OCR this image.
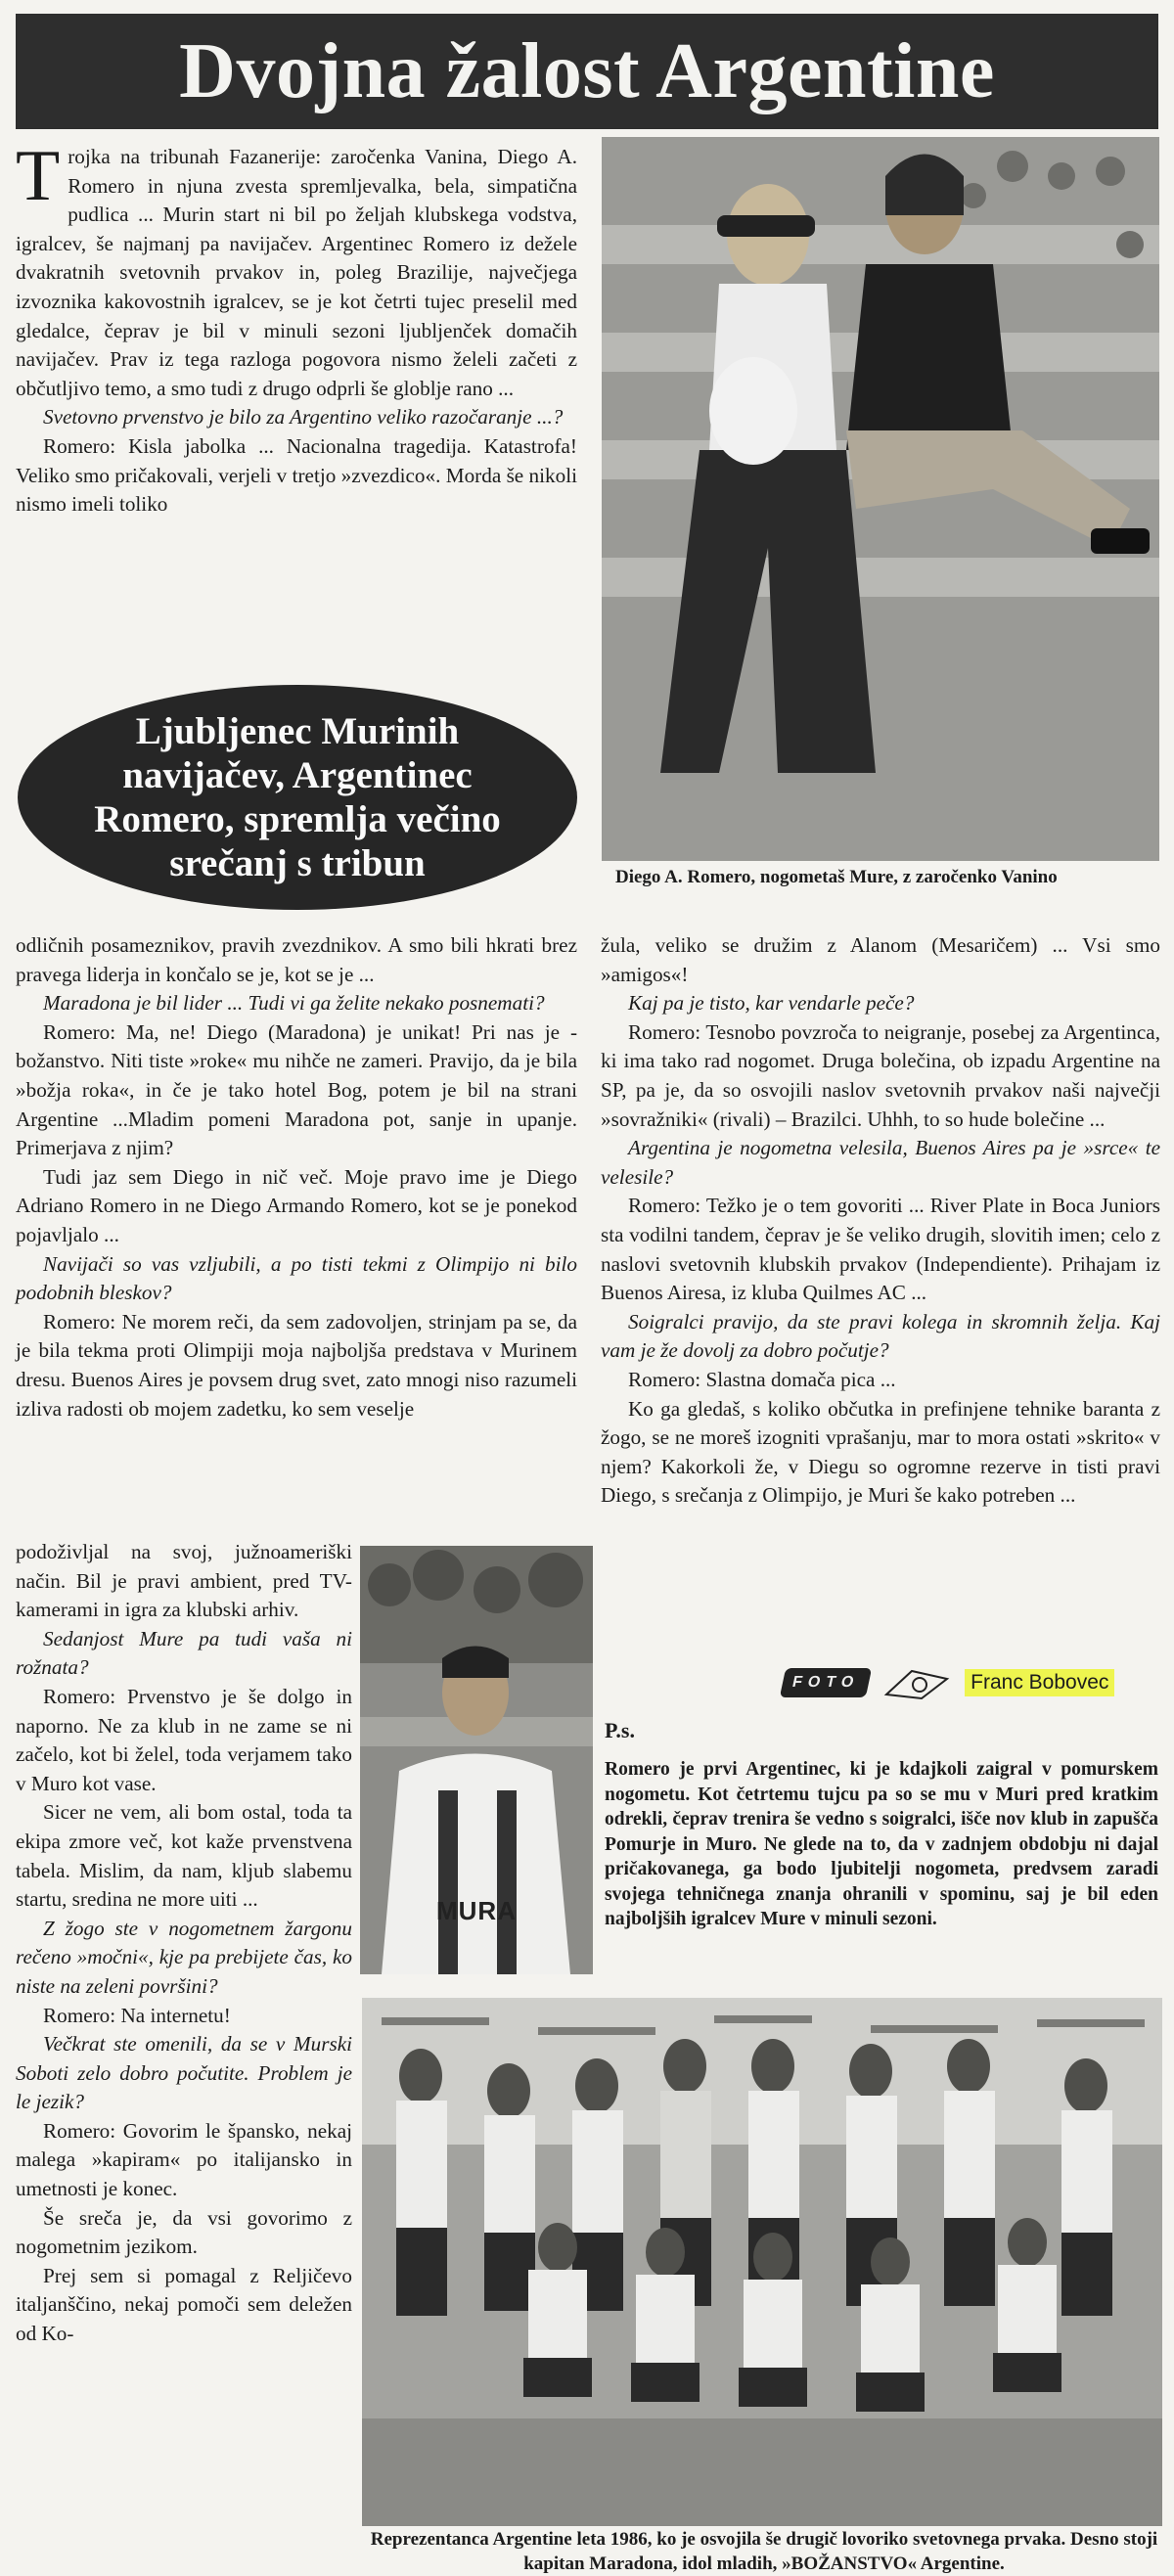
Dvojna žalost Argentine

Trojka na tribunah Fazanerije: zaročenka Vanina, Diego A. Romero in njuna zvesta spremljevalka, bela, simpatična pudlica ... Murin start ni bil po željah klubskega vodstva, igralcev, še najmanj pa navijačev. Argentinec Romero iz dežele dvakratnih svetovnih prvakov in, poleg Brazilije, največjega izvoznika kakovostnih igralcev, se je kot četrti tujec preselil med gledalce, čeprav je bil v minuli sezoni ljubljenček domačih navijačev. Prav iz tega razloga pogovora nismo želeli začeti z občutljivo temo, a smo tudi z drugo odprli še globlje rano ...

Svetovno prvenstvo je bilo za Argentino veliko razočaranje ...?

Romero: Kisla jabolka ... Nacionalna tragedija. Katastrofa! Veliko smo pričakovali, verjeli v tretjo »zvezdico«. Morda še nikoli nismo imeli toliko

Ljubljenec Murinih navijačev, Argentinec Romero, spremlja večino srečanj s tribun	Diego A. Romero, nogometaš Mure, z zaročenko Vanino

odličnih posameznikov, pravih zvezdnikov. A smo bili hkrati brez pravega liderja in končalo se je, kot se je ...

Maradona je bil lider ... Tudi vi ga želite nekako posnemati?

Romero: Ma, ne! Diego (Maradona) je unikat! Pri nas je - božanstvo. Niti tiste »roke« mu nihče ne zameri. Pravijo, da je bila »božja roka«, in če je tako hotel Bog, potem je bil na strani Argentine ...Mladim pomeni Maradona pot, sanje in upanje. Primerjava z njim?

Tudi jaz sem Diego in nič več. Moje pravo ime je Diego Adriano Romero in ne Diego Armando Romero, kot se je ponekod pojavljalo ...

Navijači so vas vzljubili, a po tisti tekmi z Olimpijo ni bilo podobnih bleskov?

Romero: Ne morem reči, da sem zadovoljen, strinjam pa se, da je bila tekma proti Olimpiji moja najboljša predstava v Murinem dresu. Buenos Aires je povsem drug svet, zato mnogi niso razumeli izliva radosti ob mojem zadetku, ko sem veselje

podoživljal na svoj, južnoameriški način. Bil je pravi ambient, pred TV-kamerami in igra za klubski arhiv.

Sedanjost Mure pa tudi vaša ni rožnata?

Romero: Prvenstvo je še dolgo in naporno. Ne za klub in ne zame se ni začelo, kot bi želel, toda verjamem tako v Muro kot vase.

Sicer ne vem, ali bom ostal, toda ta ekipa zmore več, kot kaže prvenstvena tabela. Mislim, da nam, kljub slabemu startu, sredina ne more uiti ...

Z žogo ste v nogometnem žargonu rečeno »močni«, kje pa prebijete čas, ko niste na zeleni površini?

Romero: Na internetu!

Večkrat ste omenili, da se v Murski Soboti zelo dobro počutite. Problem je le jezik?

Romero: Govorim le špansko, nekaj malega »kapiram« po italijansko in umetnosti je konec.

Še sreča je, da vsi govorimo z nogometnim jezikom.

Prej sem si pomagal z Reljičevo italjanščino, nekaj pomoči sem deležen od Ko-

MURA

žula, veliko se družim z Alanom (Mesaričem) ... Vsi smo »amigos«!

Kaj pa je tisto, kar vendarle peče?

Romero: Tesnobo povzroča to neigranje, posebej za Argentinca, ki ima tako rad nogomet. Druga bolečina, ob izpadu Argentine na SP, pa je, da so osvojili naslov svetovnih prvakov naši največji »sovražniki« (rivali) – Brazilci. Uhhh, to so hude bolečine ...

Argentina je nogometna velesila, Buenos Aires pa je »srce« te velesile?

Romero: Težko je o tem govoriti ... River Plate in Boca Juniors sta vodilni tandem, čeprav je še veliko drugih, slovitih imen; celo z naslovi svetovnih klubskih prvakov (Independiente). Prihajam iz Buenos Airesa, iz kluba Quilmes AC ...

Soigralci pravijo, da ste pravi kolega in skromnih želja. Kaj vam je že dovolj za dobro počutje?

Romero: Slastna domača pica ...

Ko ga gledaš, s koliko občutka in prefinjene tehnike baranta z žogo, se ne moreš izogniti vprašanju, mar to mora ostati »skrito« v njem? Kakorkoli že, v Diegu so ogromne rezerve in tisti pravi Diego, s srečanja z Olimpijo, je Muri še kako potreben ...

FOTO	Franc Bobovec
P.s.
Romero je prvi Argentinec, ki je kdajkoli zaigral v pomurskem nogometu. Kot četrtemu tujcu pa so se mu v Muri pred kratkim odrekli, čeprav trenira še vedno s soigralci, išče nov klub in zapušča Pomurje in Muro. Ne glede na to, da v zadnjem obdobju ni dajal pričakovanega, ga bodo ljubitelji nogometa, predvsem zaradi svojega tehničnega znanja ohranili v spominu, saj je bil eden najboljših igralcev Mure v minuli sezoni.
Reprezentanca Argentine leta 1986, ko je osvojila še drugič lovoriko svetovnega prvaka. Desno stoji kapitan Maradona, idol mladih, »BOŽANSTVO« Argentine.
